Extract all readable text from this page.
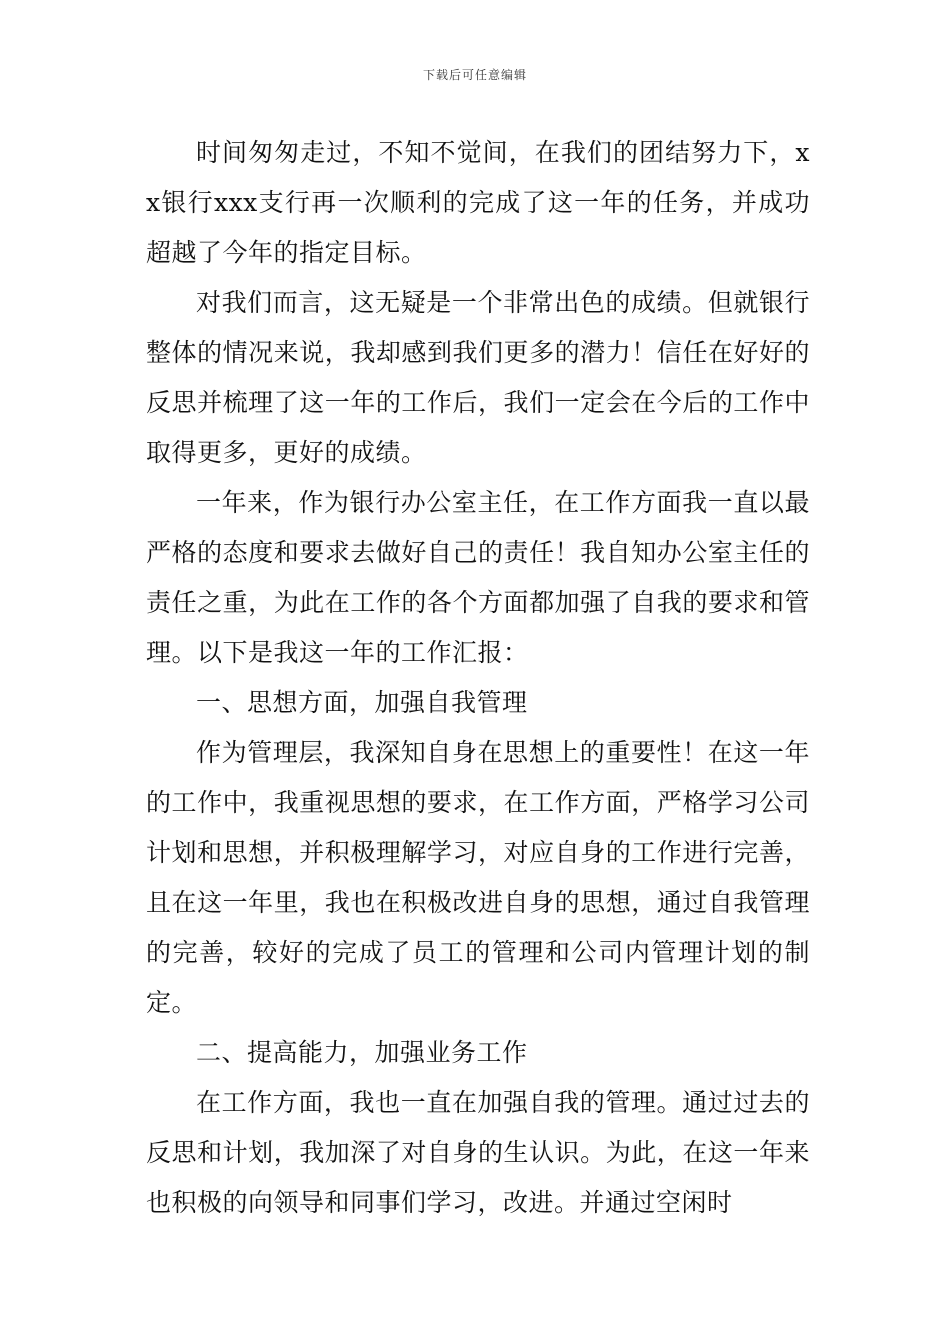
下载后可任意编辑

时间匆匆走过，不知不觉间，在我们的团结努力下，xx银行xxx支行再一次顺利的完成了这一年的任务，并成功超越了今年的指定目标。

对我们而言，这无疑是一个非常出色的成绩。但就银行整体的情况来说，我却感到我们更多的潜力！信任在好好的反思并梳理了这一年的工作后，我们一定会在今后的工作中取得更多，更好的成绩。

一年来，作为银行办公室主任，在工作方面我一直以最严格的态度和要求去做好自己的责任！我自知办公室主任的责任之重，为此在工作的各个方面都加强了自我的要求和管理。以下是我这一年的工作汇报：

一、思想方面，加强自我管理

作为管理层，我深知自身在思想上的重要性！在这一年的工作中，我重视思想的要求，在工作方面，严格学习公司计划和思想，并积极理解学习，对应自身的工作进行完善，且在这一年里，我也在积极改进自身的思想，通过自我管理的完善，较好的完成了员工的管理和公司内管理计划的制定。

二、提高能力，加强业务工作

在工作方面，我也一直在加强自我的管理。通过过去的反思和计划，我加深了对自身的生认识。为此，在这一年来也积极的向领导和同事们学习，改进。并通过空闲时
